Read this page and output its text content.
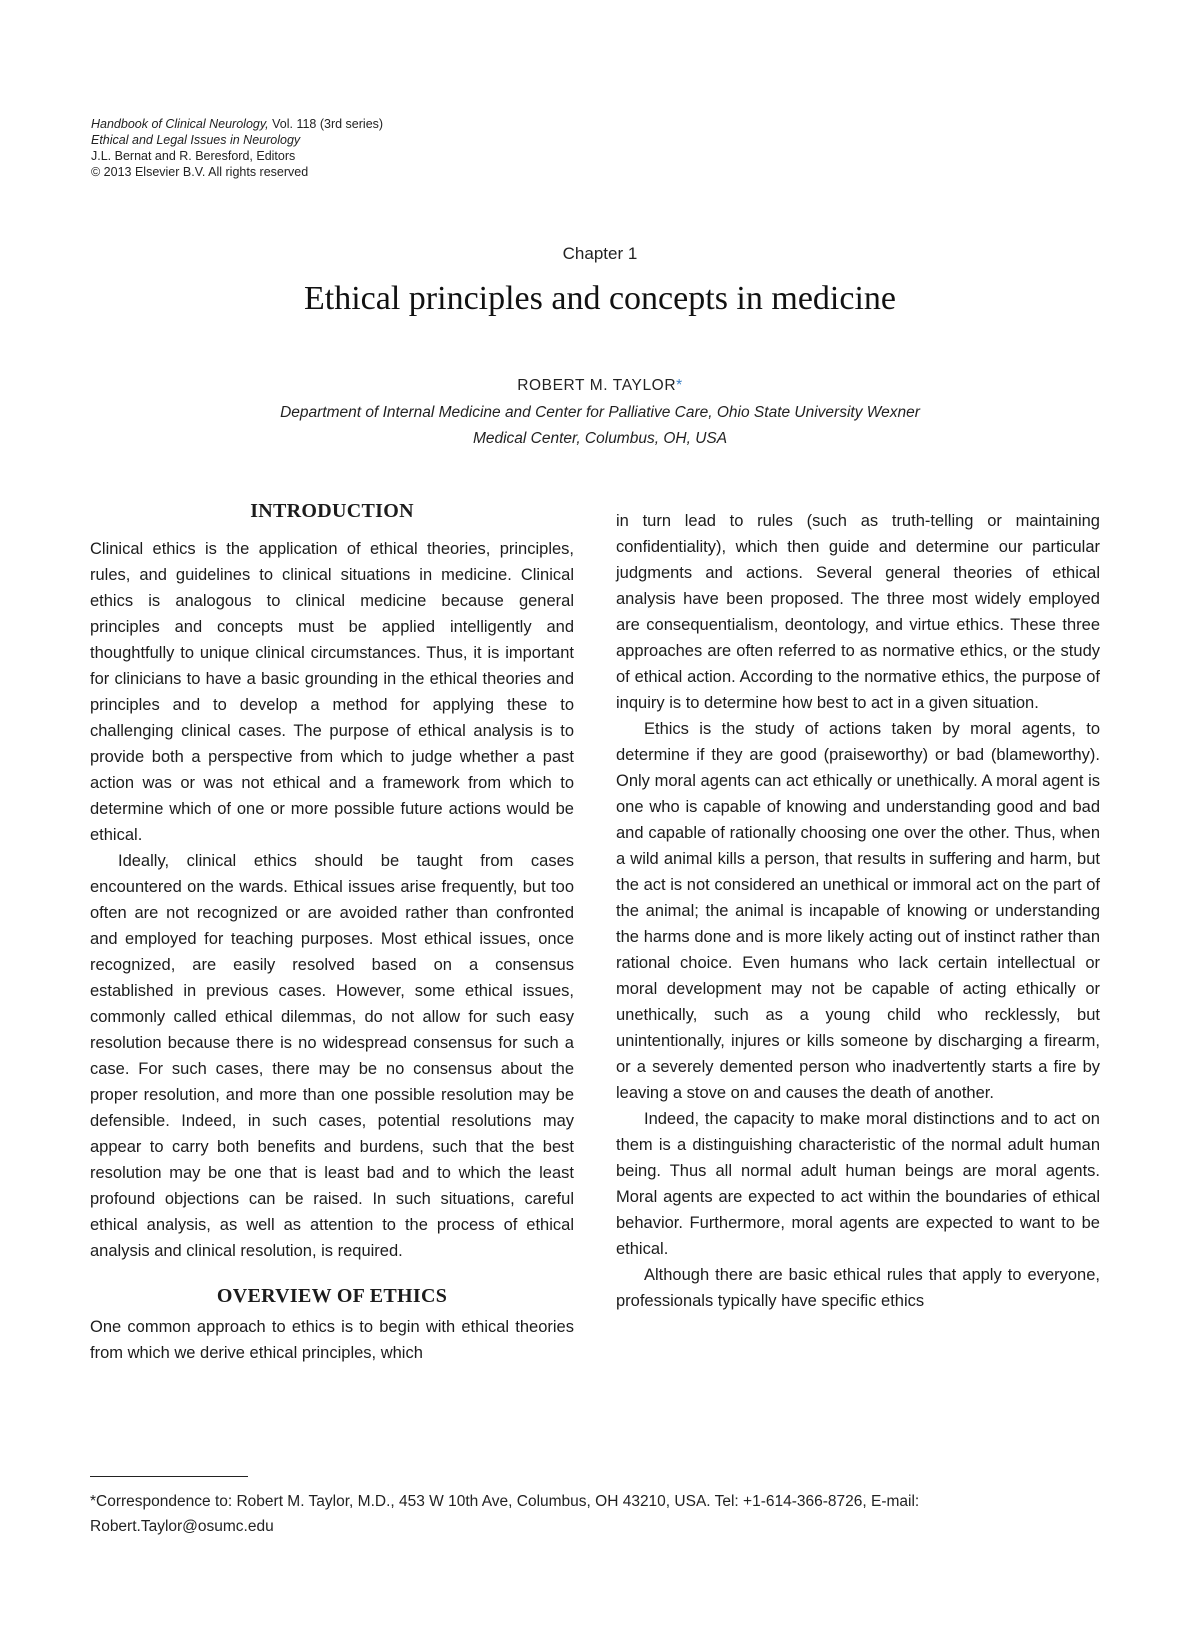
Handbook of Clinical Neurology, Vol. 118 (3rd series)
Ethical and Legal Issues in Neurology
J.L. Bernat and R. Beresford, Editors
© 2013 Elsevier B.V. All rights reserved
Chapter 1
Ethical principles and concepts in medicine
ROBERT M. TAYLOR*
Department of Internal Medicine and Center for Palliative Care, Ohio State University Wexner
Medical Center, Columbus, OH, USA
INTRODUCTION

Clinical ethics is the application of ethical theories, principles, rules, and guidelines to clinical situations in medicine. Clinical ethics is analogous to clinical medicine because general principles and concepts must be applied intelligently and thoughtfully to unique clinical circumstances. Thus, it is important for clinicians to have a basic grounding in the ethical theories and principles and to develop a method for applying these to challenging clinical cases. The purpose of ethical analysis is to provide both a perspective from which to judge whether a past action was or was not ethical and a framework from which to determine which of one or more possible future actions would be ethical.

Ideally, clinical ethics should be taught from cases encountered on the wards. Ethical issues arise frequently, but too often are not recognized or are avoided rather than confronted and employed for teaching purposes. Most ethical issues, once recognized, are easily resolved based on a consensus established in previous cases. However, some ethical issues, commonly called ethical dilemmas, do not allow for such easy resolution because there is no widespread consensus for such a case. For such cases, there may be no consensus about the proper resolution, and more than one possible resolution may be defensible. Indeed, in such cases, potential resolutions may appear to carry both benefits and burdens, such that the best resolution may be one that is least bad and to which the least profound objections can be raised. In such situations, careful ethical analysis, as well as attention to the process of ethical analysis and clinical resolution, is required.

OVERVIEW OF ETHICS

One common approach to ethics is to begin with ethical theories from which we derive ethical principles, which

in turn lead to rules (such as truth-telling or maintaining confidentiality), which then guide and determine our particular judgments and actions. Several general theories of ethical analysis have been proposed. The three most widely employed are consequentialism, deontology, and virtue ethics. These three approaches are often referred to as normative ethics, or the study of ethical action. According to the normative ethics, the purpose of inquiry is to determine how best to act in a given situation.

Ethics is the study of actions taken by moral agents, to determine if they are good (praiseworthy) or bad (blameworthy). Only moral agents can act ethically or unethically. A moral agent is one who is capable of knowing and understanding good and bad and capable of rationally choosing one over the other. Thus, when a wild animal kills a person, that results in suffering and harm, but the act is not considered an unethical or immoral act on the part of the animal; the animal is incapable of knowing or understanding the harms done and is more likely acting out of instinct rather than rational choice. Even humans who lack certain intellectual or moral development may not be capable of acting ethically or unethically, such as a young child who recklessly, but unintentionally, injures or kills someone by discharging a firearm, or a severely demented person who inadvertently starts a fire by leaving a stove on and causes the death of another.

Indeed, the capacity to make moral distinctions and to act on them is a distinguishing characteristic of the normal adult human being. Thus all normal adult human beings are moral agents. Moral agents are expected to act within the boundaries of ethical behavior. Furthermore, moral agents are expected to want to be ethical.

Although there are basic ethical rules that apply to everyone, professionals typically have specific ethics

*Correspondence to: Robert M. Taylor, M.D., 453 W 10th Ave, Columbus, OH 43210, USA. Tel: +1-614-366-8726, E-mail: Robert.Taylor@osumc.edu
